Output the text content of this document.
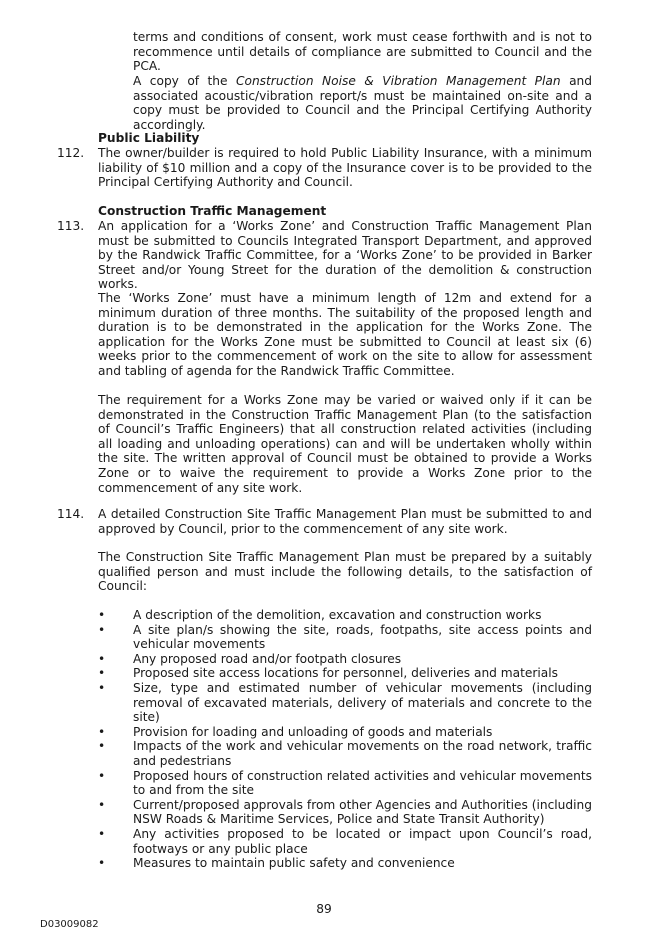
terms and conditions of consent, work must cease forthwith and is not to recommence until details of compliance are submitted to Council and the PCA.

A copy of the Construction Noise & Vibration Management Plan and associated acoustic/vibration report/s must be maintained on-site and a copy must be provided to Council and the Principal Certifying Authority accordingly.

Public Liability
112. The owner/builder is required to hold Public Liability Insurance, with a minimum liability of $10 million and a copy of the Insurance cover is to be provided to the Principal Certifying Authority and Council.

Construction Traffic Management
113. An application for a ‘Works Zone’ and Construction Traffic Management Plan must be submitted to Councils Integrated Transport Department, and approved by the Randwick Traffic Committee, for a ‘Works Zone’ to be provided in Barker Street and/or Young Street for the duration of the demolition & construction works.

The ‘Works Zone’ must have a minimum length of 12m and extend for a minimum duration of three months. The suitability of the proposed length and duration is to be demonstrated in the application for the Works Zone. The application for the Works Zone must be submitted to Council at least six (6) weeks prior to the commencement of work on the site to allow for assessment and tabling of agenda for the Randwick Traffic Committee.

The requirement for a Works Zone may be varied or waived only if it can be demonstrated in the Construction Traffic Management Plan (to the satisfaction of Council’s Traffic Engineers) that all construction related activities (including all loading and unloading operations) can and will be undertaken wholly within the site. The written approval of Council must be obtained to provide a Works Zone or to waive the requirement to provide a Works Zone prior to the commencement of any site work.

114. A detailed Construction Site Traffic Management Plan must be submitted to and approved by Council, prior to the commencement of any site work.

The Construction Site Traffic Management Plan must be prepared by a suitably qualified person and must include the following details, to the satisfaction of Council:

• A description of the demolition, excavation and construction works
• A site plan/s showing the site, roads, footpaths, site access points and vehicular movements
• Any proposed road and/or footpath closures
• Proposed site access locations for personnel, deliveries and materials
• Size, type and estimated number of vehicular movements (including removal of excavated materials, delivery of materials and concrete to the site)
• Provision for loading and unloading of goods and materials
• Impacts of the work and vehicular movements on the road network, traffic and pedestrians
• Proposed hours of construction related activities and vehicular movements to and from the site
• Current/proposed approvals from other Agencies and Authorities (including NSW Roads & Maritime Services, Police and State Transit Authority)
• Any activities proposed to be located or impact upon Council’s road, footways or any public place
• Measures to maintain public safety and convenience
89
D03009082
